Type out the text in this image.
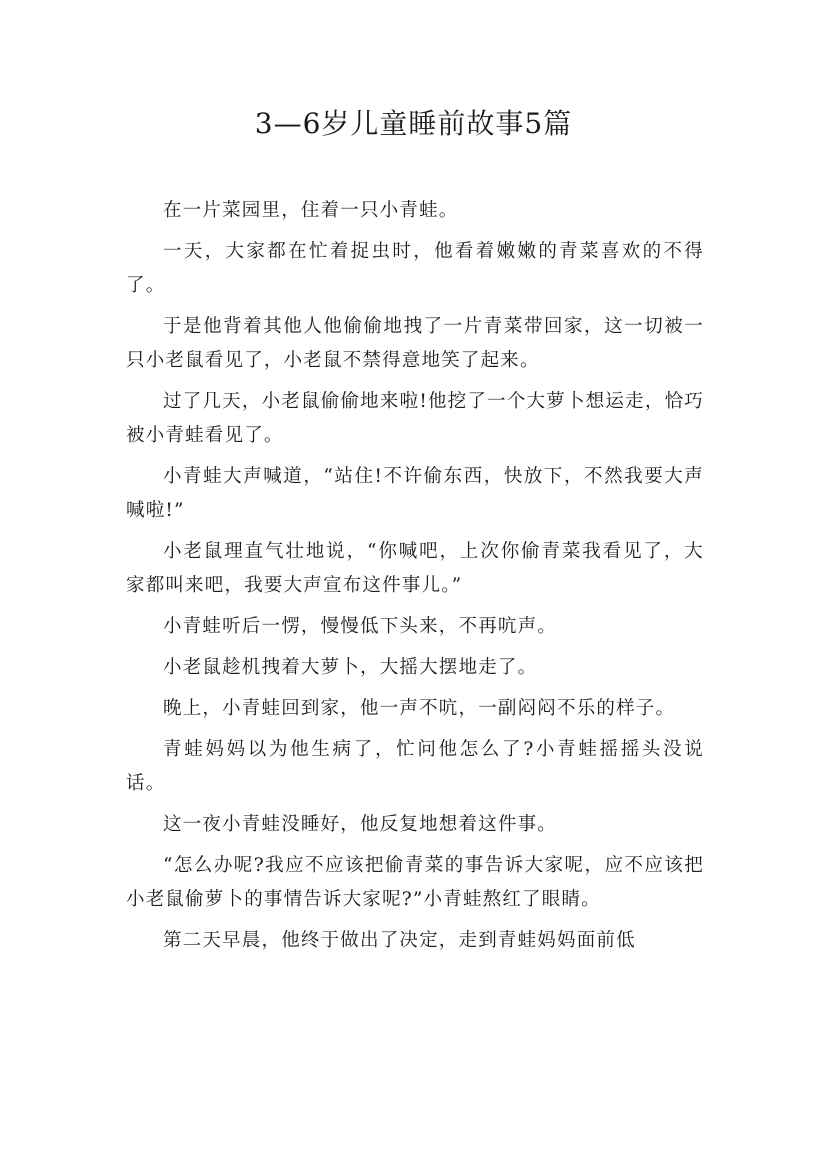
3—6岁儿童睡前故事5篇

在一片菜园里，住着一只小青蛙。

一天，大家都在忙着捉虫时，他看着嫩嫩的青菜喜欢的不得了。

于是他背着其他人他偷偷地拽了一片青菜带回家，这一切被一只小老鼠看见了，小老鼠不禁得意地笑了起来。

过了几天，小老鼠偷偷地来啦!他挖了一个大萝卜想运走，恰巧被小青蛙看见了。

小青蛙大声喊道，“站住!不许偷东西，快放下，不然我要大声喊啦!”

小老鼠理直气壮地说，“你喊吧，上次你偷青菜我看见了，大家都叫来吧，我要大声宣布这件事儿。”

小青蛙听后一愣，慢慢低下头来，不再吭声。

小老鼠趁机拽着大萝卜，大摇大摆地走了。

晚上，小青蛙回到家，他一声不吭，一副闷闷不乐的样子。

青蛙妈妈以为他生病了，忙问他怎么了?小青蛙摇摇头没说话。

这一夜小青蛙没睡好，他反复地想着这件事。

“怎么办呢?我应不应该把偷青菜的事告诉大家呢，应不应该把小老鼠偷萝卜的事情告诉大家呢?”小青蛙熬红了眼睛。

第二天早晨，他终于做出了决定，走到青蛙妈妈面前低
